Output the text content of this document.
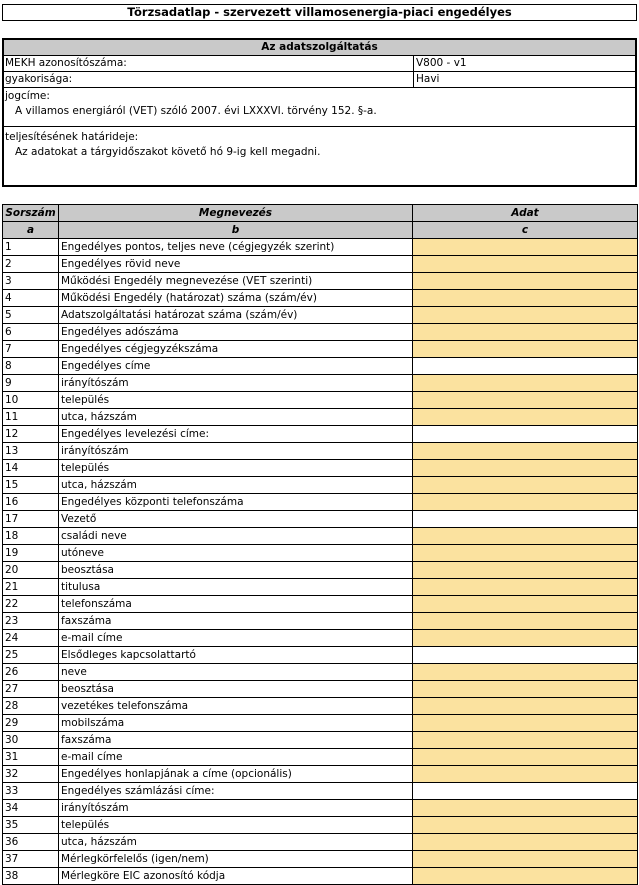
Törzsadatlap - szervezett villamosenergia-piaci engedélyes
Az adatszolgáltatás
MEKH azonosítószáma:	V800 - v1
gyakorisága:	Havi
jogcíme:
A villamos energiáról (VET) szóló 2007. évi LXXXVI. törvény 152. §-a.
teljesítésének határideje:
Az adatokat a tárgyidőszakot követő hó 9-ig kell megadni.
Sorszám	Megnevezés	Adat
a	b	c
1	Engedélyes pontos, teljes neve (cégjegyzék szerint)	
2	Engedélyes rövid neve	
3	Működési Engedély megnevezése (VET szerinti)	
4	Működési Engedély (határozat) száma (szám/év)	
5	Adatszolgáltatási határozat száma (szám/év)	
6	Engedélyes adószáma	
7	Engedélyes cégjegyzékszáma	
8	Engedélyes címe	
9	irányítószám	
10	település	
11	utca, házszám	
12	Engedélyes levelezési címe:	
13	irányítószám	
14	település	
15	utca, házszám	
16	Engedélyes központi telefonszáma	
17	Vezető	
18	családi neve	
19	utóneve	
20	beosztása	
21	titulusa	
22	telefonszáma	
23	faxszáma	
24	e-mail címe	
25	Elsődleges kapcsolattartó	
26	neve	
27	beosztása	
28	vezetékes telefonszáma	
29	mobilszáma	
30	faxszáma	
31	e-mail címe	
32	Engedélyes honlapjának a címe (opcionális)	
33	Engedélyes számlázási címe:	
34	irányítószám	
35	település	
36	utca, házszám	
37	Mérlegkörfelelős (igen/nem)	
38	Mérlegköre EIC azonosító kódja	
